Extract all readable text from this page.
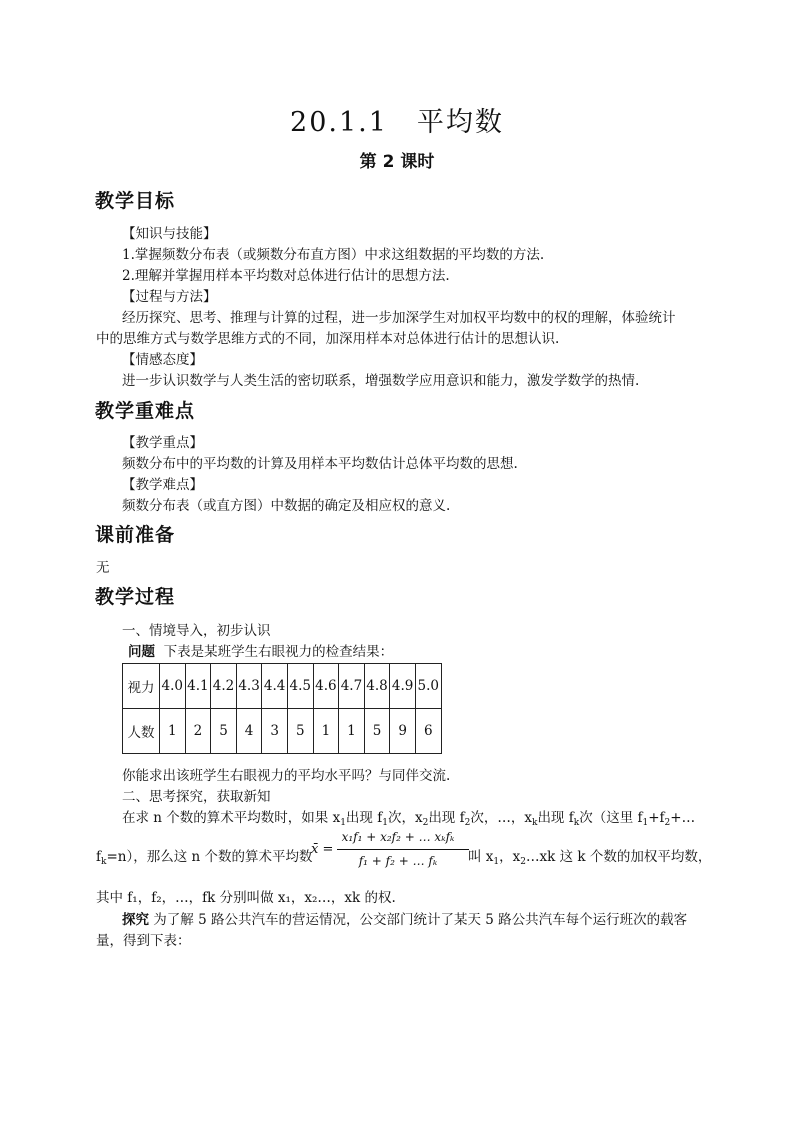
20.1.1　平均数
第 2 课时
教学目标
【知识与技能】
1.掌握频数分布表（或频数分布直方图）中求这组数据的平均数的方法.
2.理解并掌握用样本平均数对总体进行估计的思想方法.
【过程与方法】
经历探究、思考、推理与计算的过程，进一步加深学生对加权平均数中的权的理解，体验统计
中的思维方式与数学思维方式的不同，加深用样本对总体进行估计的思想认识.
【情感态度】
进一步认识数学与人类生活的密切联系，增强数学应用意识和能力，激发学数学的热情.
教学重难点
【教学重点】
频数分布中的平均数的计算及用样本平均数估计总体平均数的思想.
【教学难点】
频数分布表（或直方图）中数据的确定及相应权的意义.
课前准备
无
教学过程
一、情境导入，初步认识
问题 下表是某班学生右眼视力的检查结果：
视力	4.0	4.1	4.2	4.3	4.4	4.5	4.6	4.7	4.8	4.9	5.0
人数	1	2	5	4	3	5	1	1	5	9	6
你能求出该班学生右眼视力的平均水平吗？与同伴交流.
二、思考探究，获取新知
在求 n 个数的算术平均数时，如果 $x_1$出现 $f_1$次，$x_2$出现 $f_2$次，…，$x_k$出现 $f_k$次（这里 $f_1+f_2+\dots$
$f_k=n$），那么这 n 个数的算术平均数
x̄ =
x₁f₁ + x₂f₂ + … xₖfₖ
f₁ + f₂ + … fₖ	叫 $x_1$，$x_2\dots xk$ 这 k 个数的加权平均数，
其中 f₁，f₂，…，fk 分别叫做 x₁，x₂…，xk 的权.
探究 为了解 5 路公共汽车的营运情况，公交部门统计了某天 5 路公共汽车每个运行班次的载客
量，得到下表：
